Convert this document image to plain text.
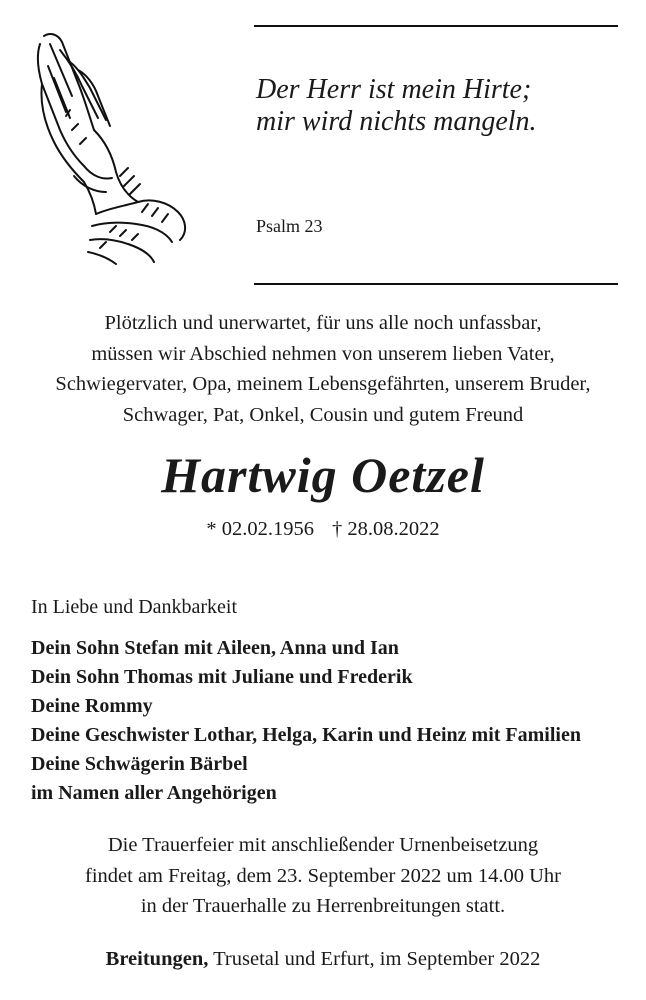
Der Herr ist mein Hirte;
mir wird nichts mangeln.
Psalm 23
Plötzlich und unerwartet, für uns alle noch unfassbar,
müssen wir Abschied nehmen von unserem lieben Vater,
Schwiegervater, Opa, meinem Lebensgefährten, unserem Bruder,
Schwager, Pat, Onkel, Cousin und gutem Freund
Hartwig Oetzel
* 02.02.1956 † 28.08.2022
In Liebe und Dankbarkeit
Dein Sohn Stefan mit Aileen, Anna und Ian
Dein Sohn Thomas mit Juliane und Frederik
Deine Rommy
Deine Geschwister Lothar, Helga, Karin und Heinz mit Familien
Deine Schwägerin Bärbel
im Namen aller Angehörigen
Die Trauerfeier mit anschließender Urnenbeisetzung
findet am Freitag, dem 23. September 2022 um 14.00 Uhr
in der Trauerhalle zu Herrenbreitungen statt.
Breitungen, Trusetal und Erfurt, im September 2022
